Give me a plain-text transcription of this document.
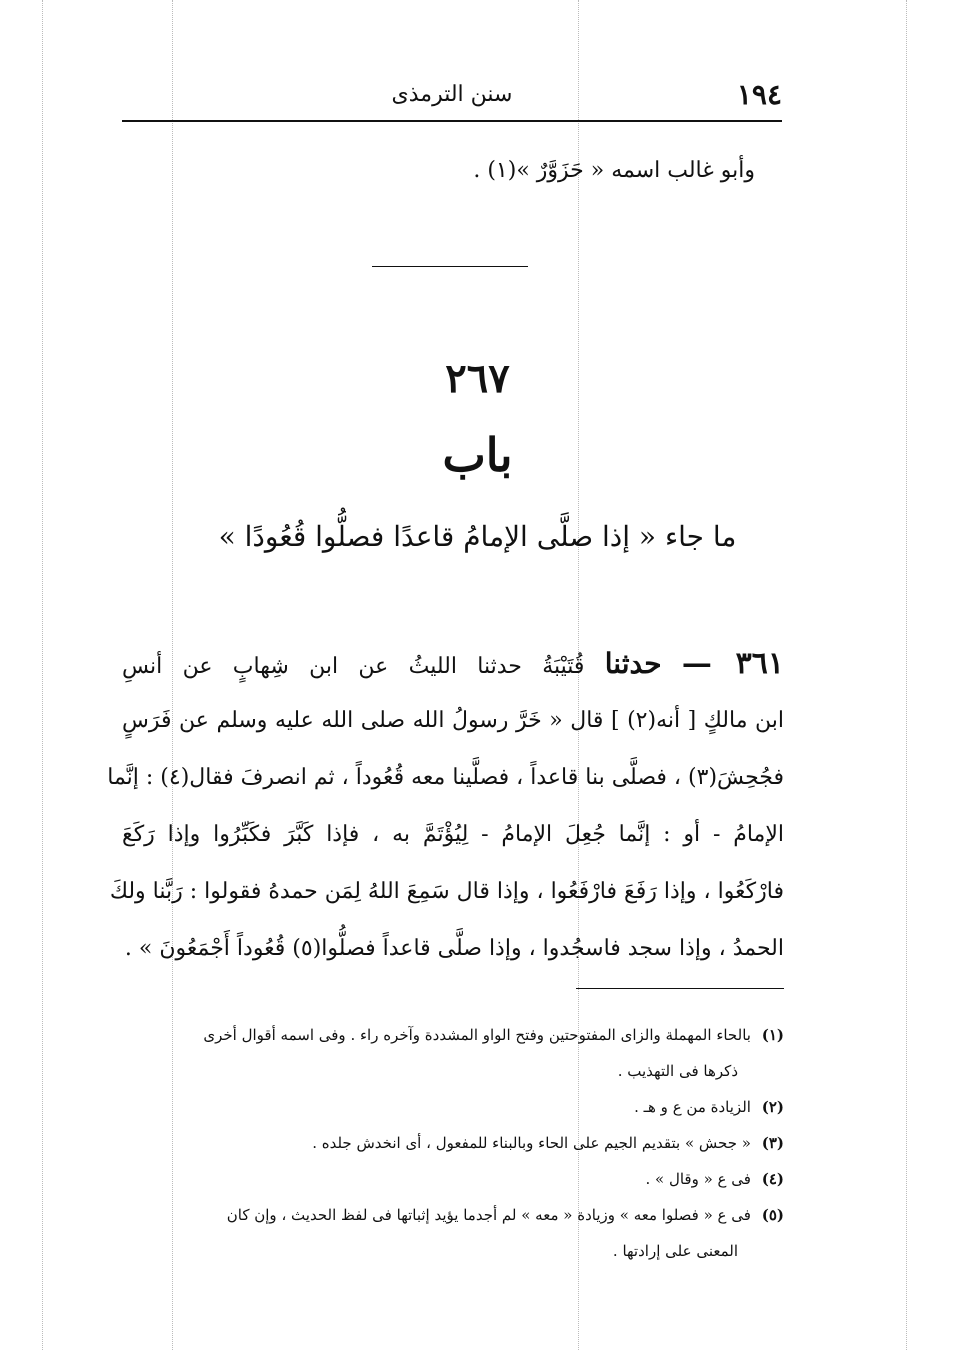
١٩٤
سنن الترمذى
وأبو غالب اسمه « حَزَوَّرٌ »(١) .
٢٦٧
باب
ما جاء « إذا صلَّى الإمامُ قاعدًا فصلُّوا قُعُودًا »
٣٦١ — حدثنا قُتَيْبَةُ حدثنا الليثُ عن ابن شِهابٍ عن أنسِ
ابن مالكٍ [ أنه(٢) ] قال « خَرَّ رسولُ الله صلى الله عليه وسلم عن فَرَسٍ
فجُحِشَ(٣) ، فصلَّى بنا قاعداً ، فصلَّينا معه قُعُوداً ، ثم انصرفَ فقال(٤) : إنَّما
الإمامُ - أو : إنَّما جُعِلَ الإمامُ - لِيُؤْتَمَّ به ، فإذا كَبَّرَ فكَبِّرُوا وإذا رَكَعَ
فارْكَعُوا ، وإذا رَفَعَ فارْفَعُوا ، وإذا قال سَمِعَ اللهُ لِمَن حمدهُ فقولوا : رَبَّنا ولكَ
الحمدُ ، وإذا سجد فاسجُدوا ، وإذا صلَّى قاعداً فصلُّوا(٥) قُعُوداً أَجْمَعُونَ » .
(١) بالحاء المهملة والزاى المفتوحتين وفتح الواو المشددة وآخره راء . وفى اسمه أقوال أخرى
ذكرها فى التهذيب .
(٢) الزيادة من ع و هـ .
(٣) « جحش » بتقديم الجيم على الحاء وبالبناء للمفعول ، أى انخدش جلده .
(٤) فى ع « وقال » .
(٥) فى ع « فصلوا معه » وزيادة « معه » لم أجدما يؤيد إثباتها فى لفظ الحديث ، وإن كان
المعنى على إرادتها .
